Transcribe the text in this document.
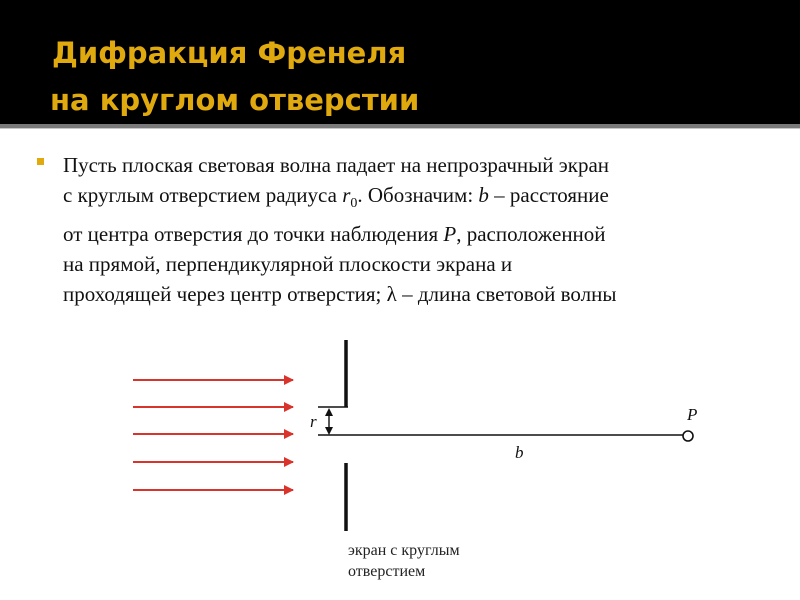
Дифракция Френеля
на круглом отверстии

Пусть плоская световая волна падает на непрозрачный экран
с круглым отверстием радиуса $r_0$. Обозначим: b – расстояние
от центра отверстия до точки наблюдения P, расположенной
на прямой, перпендикулярной плоскости экрана и
проходящей через центр отверстия; λ – длина световой волны

r	P
b

экран с круглым
отверстием
